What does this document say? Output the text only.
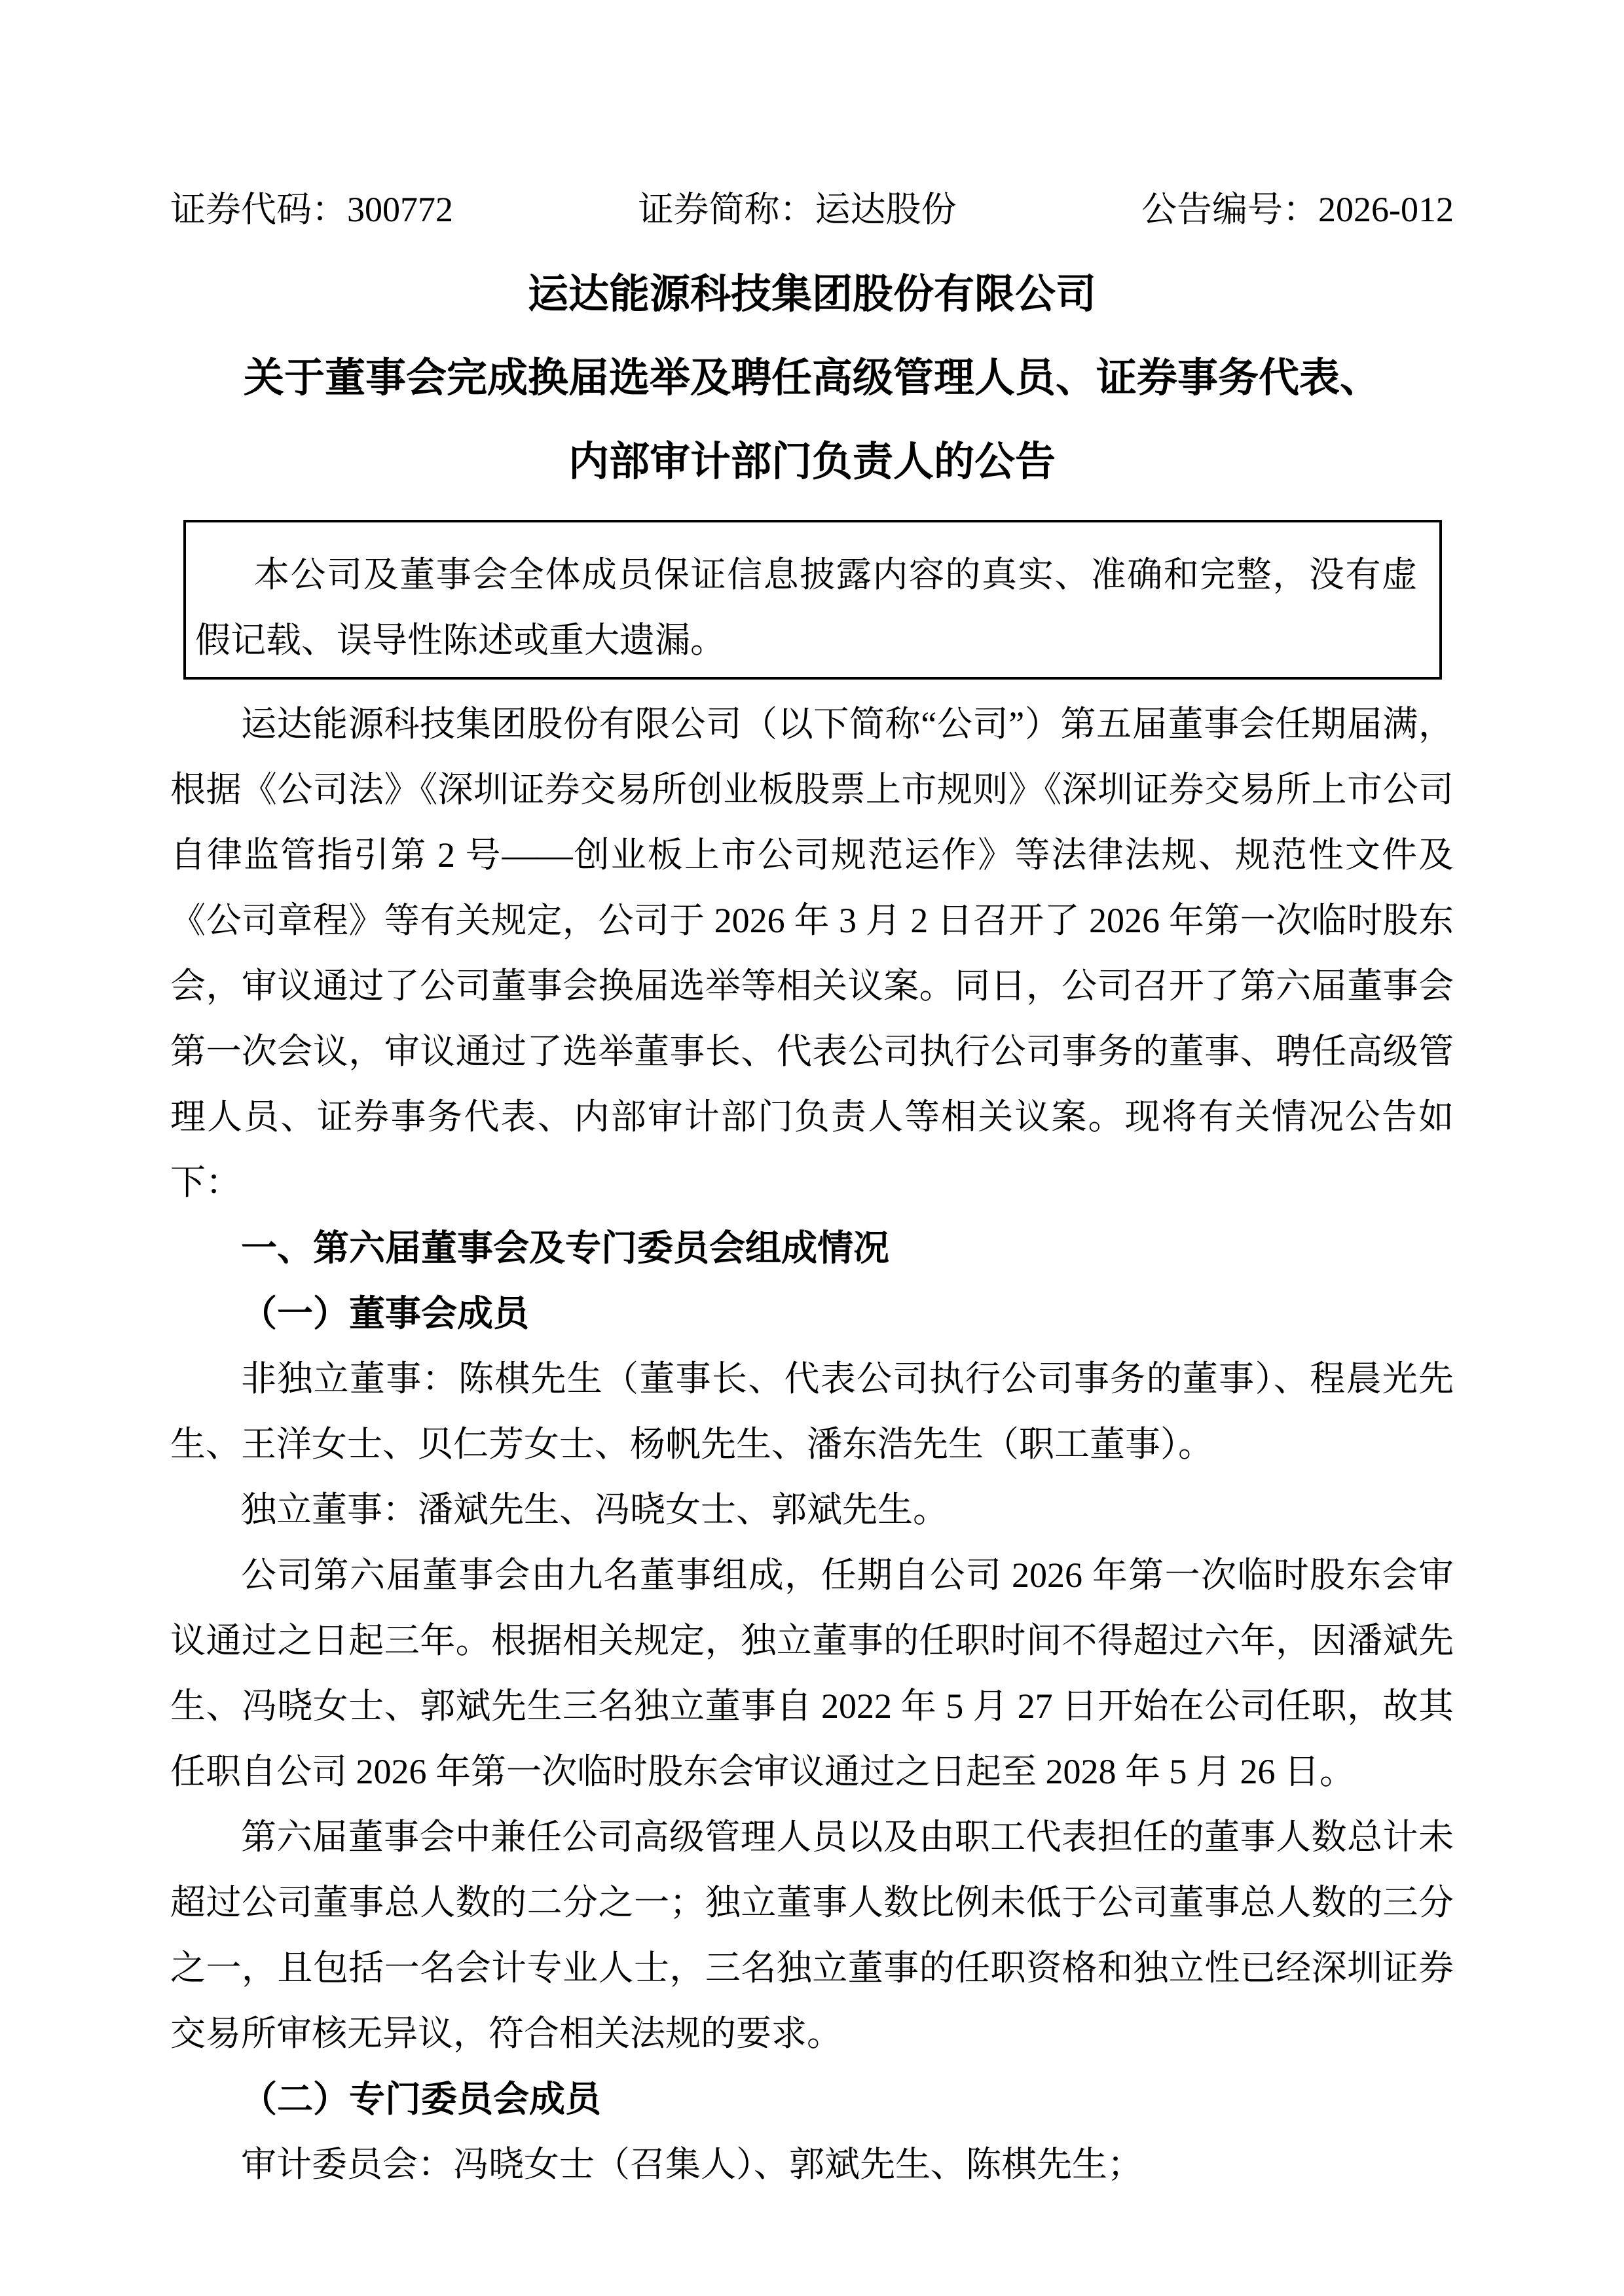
证券代码：300772	证券简称：运达股份	公告编号：2026-012
运达能源科技集团股份有限公司
关于董事会完成换届选举及聘任高级管理人员、证券事务代表、
内部审计部门负责人的公告
本公司及董事会全体成员保证信息披露内容的真实、准确和完整，没有虚假记载、误导性陈述或重大遗漏。

运达能源科技集团股份有限公司（以下简称“公司”）第五届董事会任期届满，根据《公司法》《深圳证券交易所创业板股票上市规则》《深圳证券交易所上市公司自律监管指引第 2 号——创业板上市公司规范运作》等法律法规、规范性文件及《公司章程》等有关规定，公司于 2026 年 3 月 2 日召开了 2026 年第一次临时股东会，审议通过了公司董事会换届选举等相关议案。同日，公司召开了第六届董事会第一次会议，审议通过了选举董事长、代表公司执行公司事务的董事、聘任高级管理人员、证券事务代表、内部审计部门负责人等相关议案。现将有关情况公告如下：

一、第六届董事会及专门委员会组成情况

（一）董事会成员

非独立董事：陈棋先生（董事长、代表公司执行公司事务的董事）、程晨光先生、王洋女士、贝仁芳女士、杨帆先生、潘东浩先生（职工董事）。

独立董事：潘斌先生、冯晓女士、郭斌先生。

公司第六届董事会由九名董事组成，任期自公司 2026 年第一次临时股东会审议通过之日起三年。根据相关规定，独立董事的任职时间不得超过六年，因潘斌先生、冯晓女士、郭斌先生三名独立董事自 2022 年 5 月 27 日开始在公司任职，故其任职自公司 2026 年第一次临时股东会审议通过之日起至 2028 年 5 月 26 日。

第六届董事会中兼任公司高级管理人员以及由职工代表担任的董事人数总计未超过公司董事总人数的二分之一；独立董事人数比例未低于公司董事总人数的三分之一，且包括一名会计专业人士，三名独立董事的任职资格和独立性已经深圳证券交易所审核无异议，符合相关法规的要求。

（二）专门委员会成员

审计委员会：冯晓女士（召集人）、郭斌先生、陈棋先生；
